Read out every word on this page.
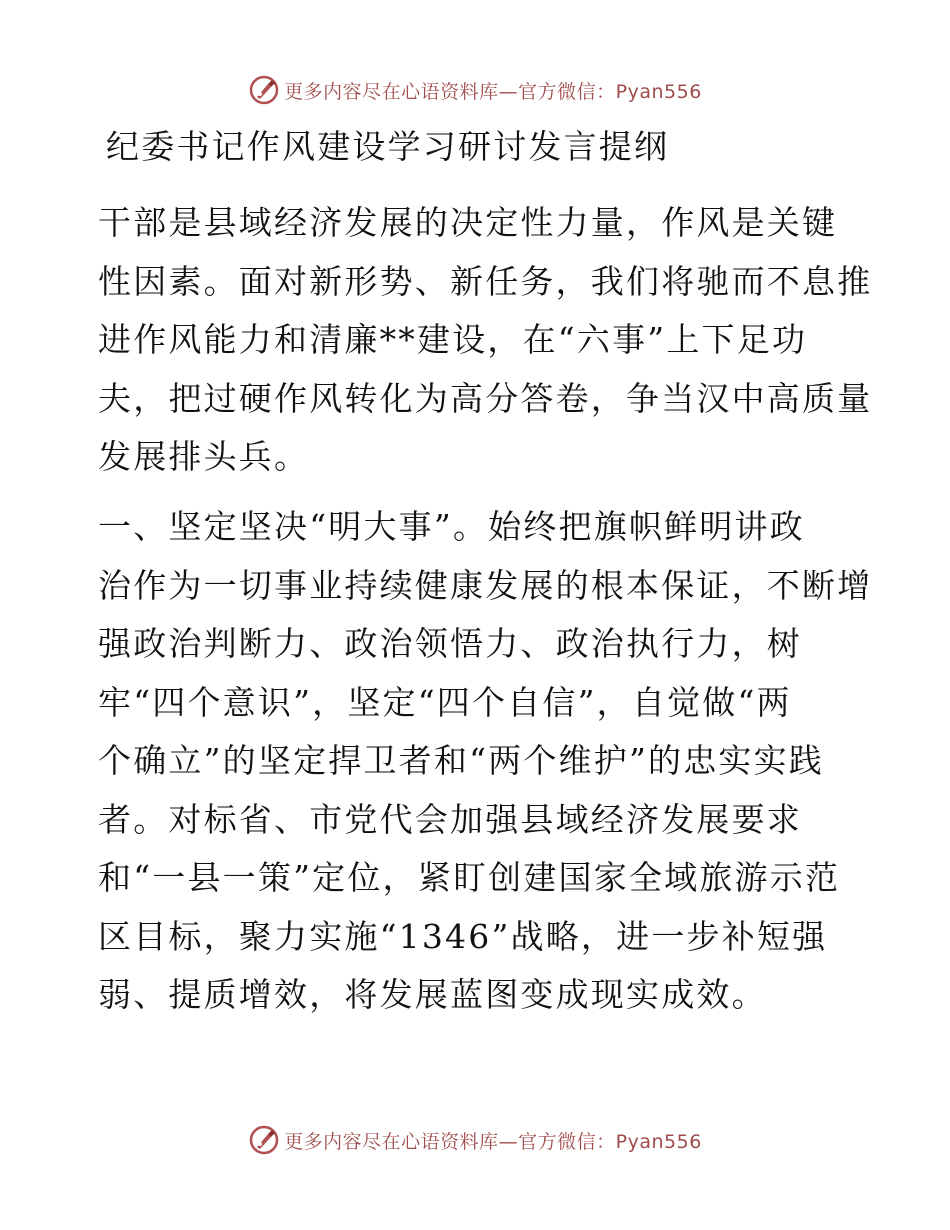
更多内容尽在心语资料库—官方微信：Pyan556
纪委书记作风建设学习研讨发言提纲
干部是县域经济发展的决定性力量，作风是关键
性因素。面对新形势、新任务，我们将驰而不息推
进作风能力和清廉**建设，在“六事”上下足功
夫，把过硬作风转化为高分答卷，争当汉中高质量
发展排头兵。
一、坚定坚决“明大事”。始终把旗帜鲜明讲政
治作为一切事业持续健康发展的根本保证，不断增
强政治判断力、政治领悟力、政治执行力，树
牢“四个意识”，坚定“四个自信”，自觉做“两
个确立”的坚定捍卫者和“两个维护”的忠实实践
者。对标省、市党代会加强县域经济发展要求
和“一县一策”定位，紧盯创建国家全域旅游示范
区目标，聚力实施“1346”战略，进一步补短强
弱、提质增效，将发展蓝图变成现实成效。
更多内容尽在心语资料库—官方微信：Pyan556
